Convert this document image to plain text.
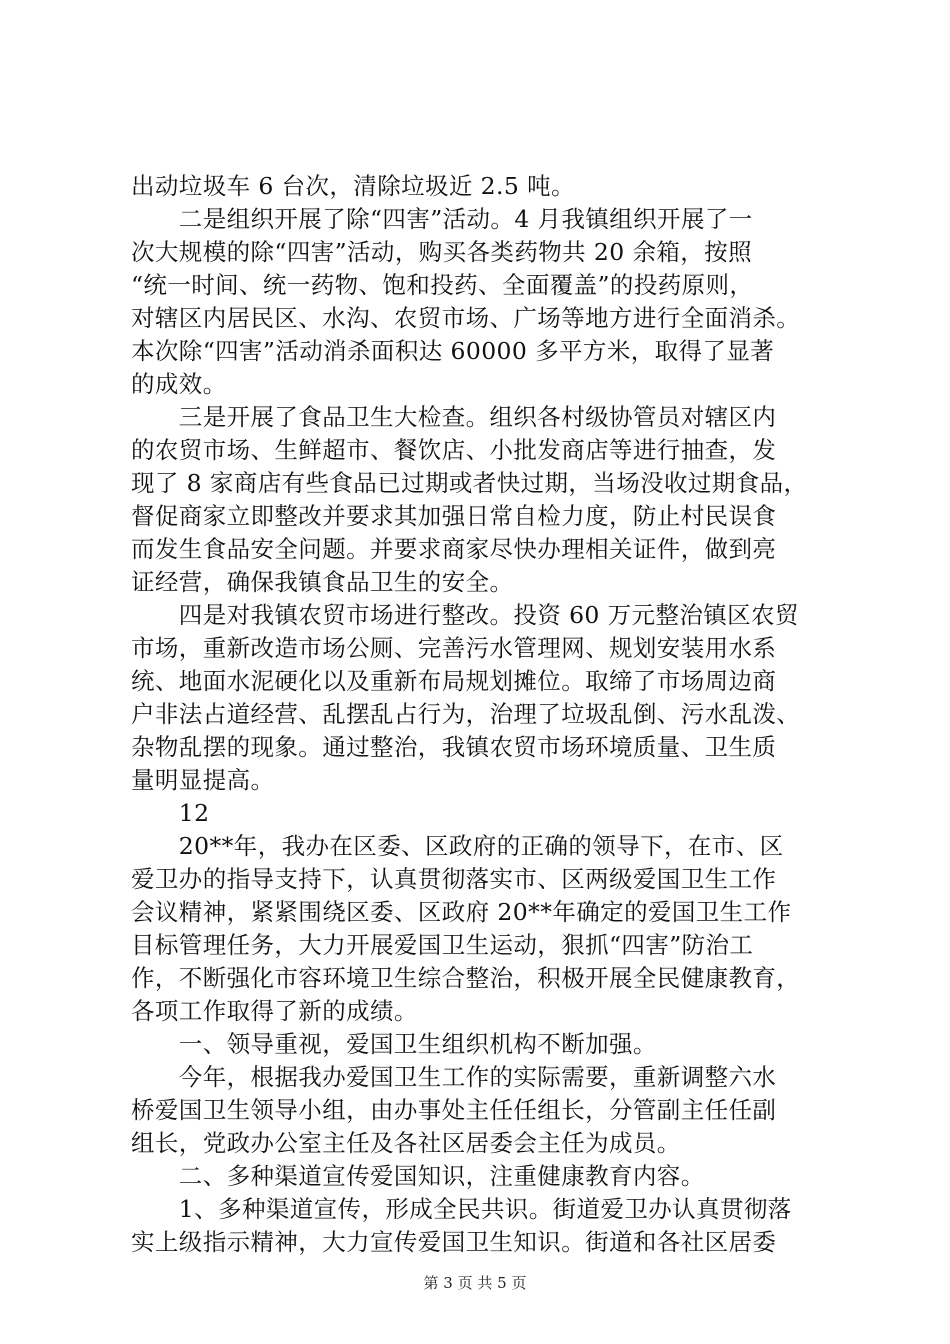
出动垃圾车 6 台次，清除垃圾近 2.5 吨。
　　二是组织开展了除“四害”活动。4 月我镇组织开展了一
次大规模的除“四害”活动，购买各类药物共 20 余箱，按照
“统一时间、统一药物、饱和投药、全面覆盖”的投药原则，
对辖区内居民区、水沟、农贸市场、广场等地方进行全面消杀。
本次除“四害”活动消杀面积达 60000 多平方米，取得了显著
的成效。
　　三是开展了食品卫生大检查。组织各村级协管员对辖区内
的农贸市场、生鲜超市、餐饮店、小批发商店等进行抽查，发
现了 8 家商店有些食品已过期或者快过期，当场没收过期食品，
督促商家立即整改并要求其加强日常自检力度，防止村民误食
而发生食品安全问题。并要求商家尽快办理相关证件，做到亮
证经营，确保我镇食品卫生的安全。
　　四是对我镇农贸市场进行整改。投资 60 万元整治镇区农贸
市场，重新改造市场公厕、完善污水管理网、规划安装用水系
统、地面水泥硬化以及重新布局规划摊位。取缔了市场周边商
户非法占道经营、乱摆乱占行为，治理了垃圾乱倒、污水乱泼、
杂物乱摆的现象。通过整治，我镇农贸市场环境质量、卫生质
量明显提高。
　　12
　　20**年，我办在区委、区政府的正确的领导下，在市、区
爱卫办的指导支持下，认真贯彻落实市、区两级爱国卫生工作
会议精神，紧紧围绕区委、区政府 20**年确定的爱国卫生工作
目标管理任务，大力开展爱国卫生运动，狠抓“四害”防治工
作，不断强化市容环境卫生综合整治，积极开展全民健康教育，
各项工作取得了新的成绩。
　　一、领导重视，爱国卫生组织机构不断加强。
　　今年，根据我办爱国卫生工作的实际需要，重新调整六水
桥爱国卫生领导小组，由办事处主任任组长，分管副主任任副
组长，党政办公室主任及各社区居委会主任为成员。
　　二、多种渠道宣传爱国知识，注重健康教育内容。
　　1、多种渠道宣传，形成全民共识。街道爱卫办认真贯彻落
实上级指示精神，大力宣传爱国卫生知识。街道和各社区居委
第 3 页 共 5 页
